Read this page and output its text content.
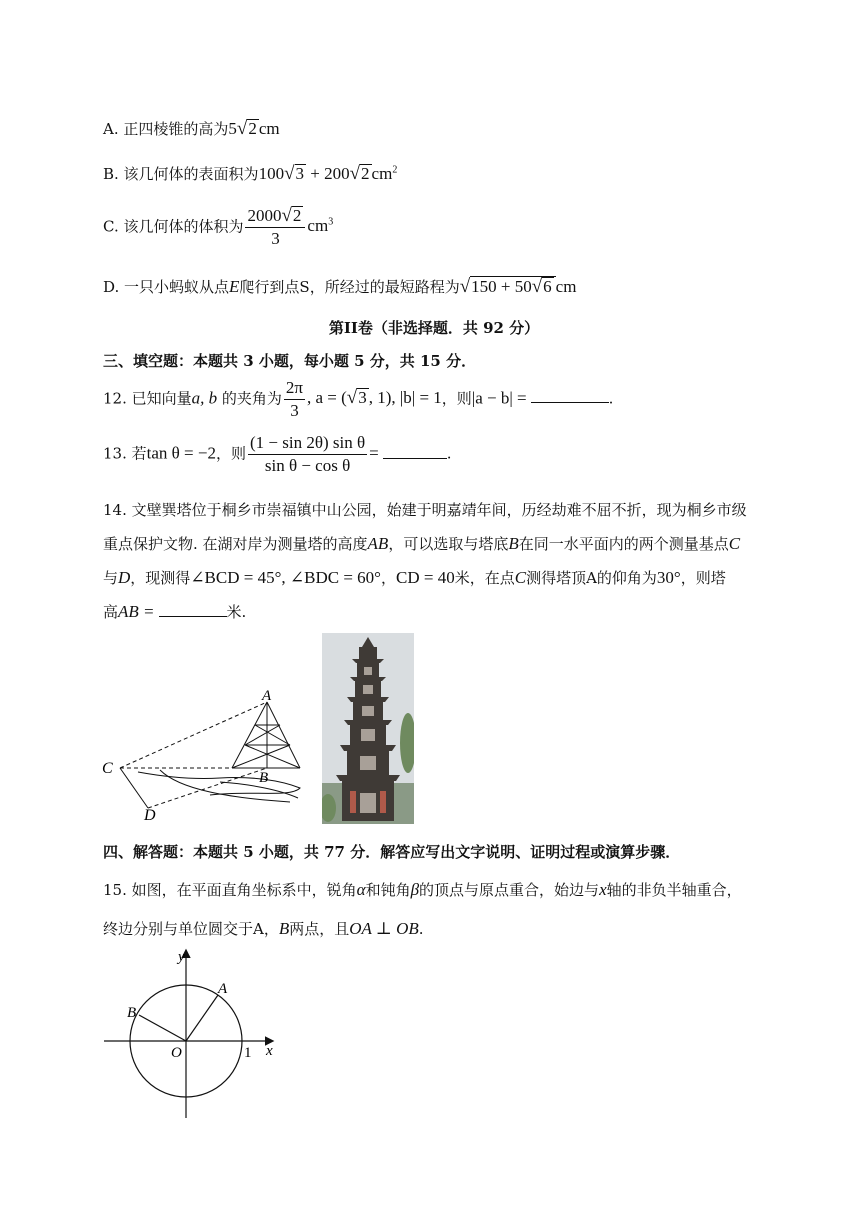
A. 正四棱锥的高为5√2 cm
B. 该几何体的表面积为100√3 + 200√2 $cm^2$
C. 该几何体的体积为 $\frac{2000√2}{3} cm^3$
D. 一只小蚂蚁从点E爬行到点S，所经过的最短路程为√150 + 50√6 cm
第II卷（非选择题．共 92 分）
三、填空题：本题共 3 小题，每小题 5 分，共 15 分．
12. 已知向量a, b 的夹角为 $\frac{2\pi}{3}$ , a = (√3 , 1), |b| = 1，则|a − b| =	.
13. 若tan θ = −2，则 $\frac{\text{(1 − sin 2θ) sin θ}}{\text{sin θ − cos θ}}$ =	.
14. 文壁巽塔位于桐乡市崇福镇中山公园，始建于明嘉靖年间，历经劫难不屈不折，现为桐乡市级
重点保护文物. 在湖对岸为测量塔的高度AB，可以选取与塔底B在同一水平面内的两个测量基点C
与D，现测得∠BCD = 45°, ∠BDC = 60°，CD = 40米，在点C测得塔顶A的仰角为30°，则塔
高AB =	米.
A
B
C
D
四、解答题：本题共 5 小题，共 77 分．解答应写出文字说明、证明过程或演算步骤．
15. 如图，在平面直角坐标系中，锐角α和钝角β的顶点与原点重合，始边与x轴的非负半轴重合，
终边分别与单位圆交于A，B两点，且OA ⊥ OB.
y
x
A
B
O	1
